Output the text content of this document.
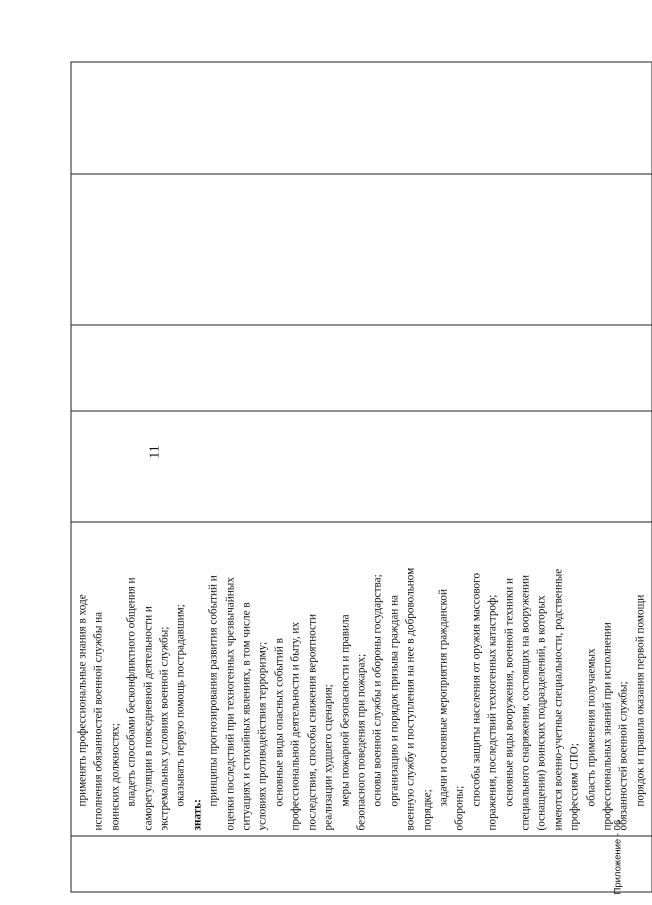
11

применять профессиональные знания в ходе исполнения обязанностей военной службы на воинских должностях; владеть способами бесконфликтного общения и саморегуляции в повседневной деятельности и экстремальных условиях военной службы; оказывать первую помощь пострадавшим;

знать:

принципы прогнозирования развития событий и оценки последствий при техногенных чрезвычайных ситуациях и стихийных явлениях, в том числе в условиях противодействия терроризму; основные виды опасных событий в профессиональной деятельности и быту, их последствия, способы снижения вероятности реализации худшего сценария; меры пожарной безопасности и правила безопасного поведения при пожарах; основы военной службы и обороны государства; организацию и порядок призыва граждан на военную службу и поступления на нее в добровольном порядке;

задачи и основные мероприятия гражданской

обороны;

способы защиты населения от оружия массового поражения, последствий техногенных катастроф; основные виды вооружения, военной техники и специального снаряжения, состоящих на вооружении (оснащении) воинских подразделений, в которых имеются военно-учетные специальности, родственные профессиям СПО; область применения получаемых профессиональных знаний при исполнении обязанностей военной службы; порядок и правила оказания первой помощи

Приложение - 06
